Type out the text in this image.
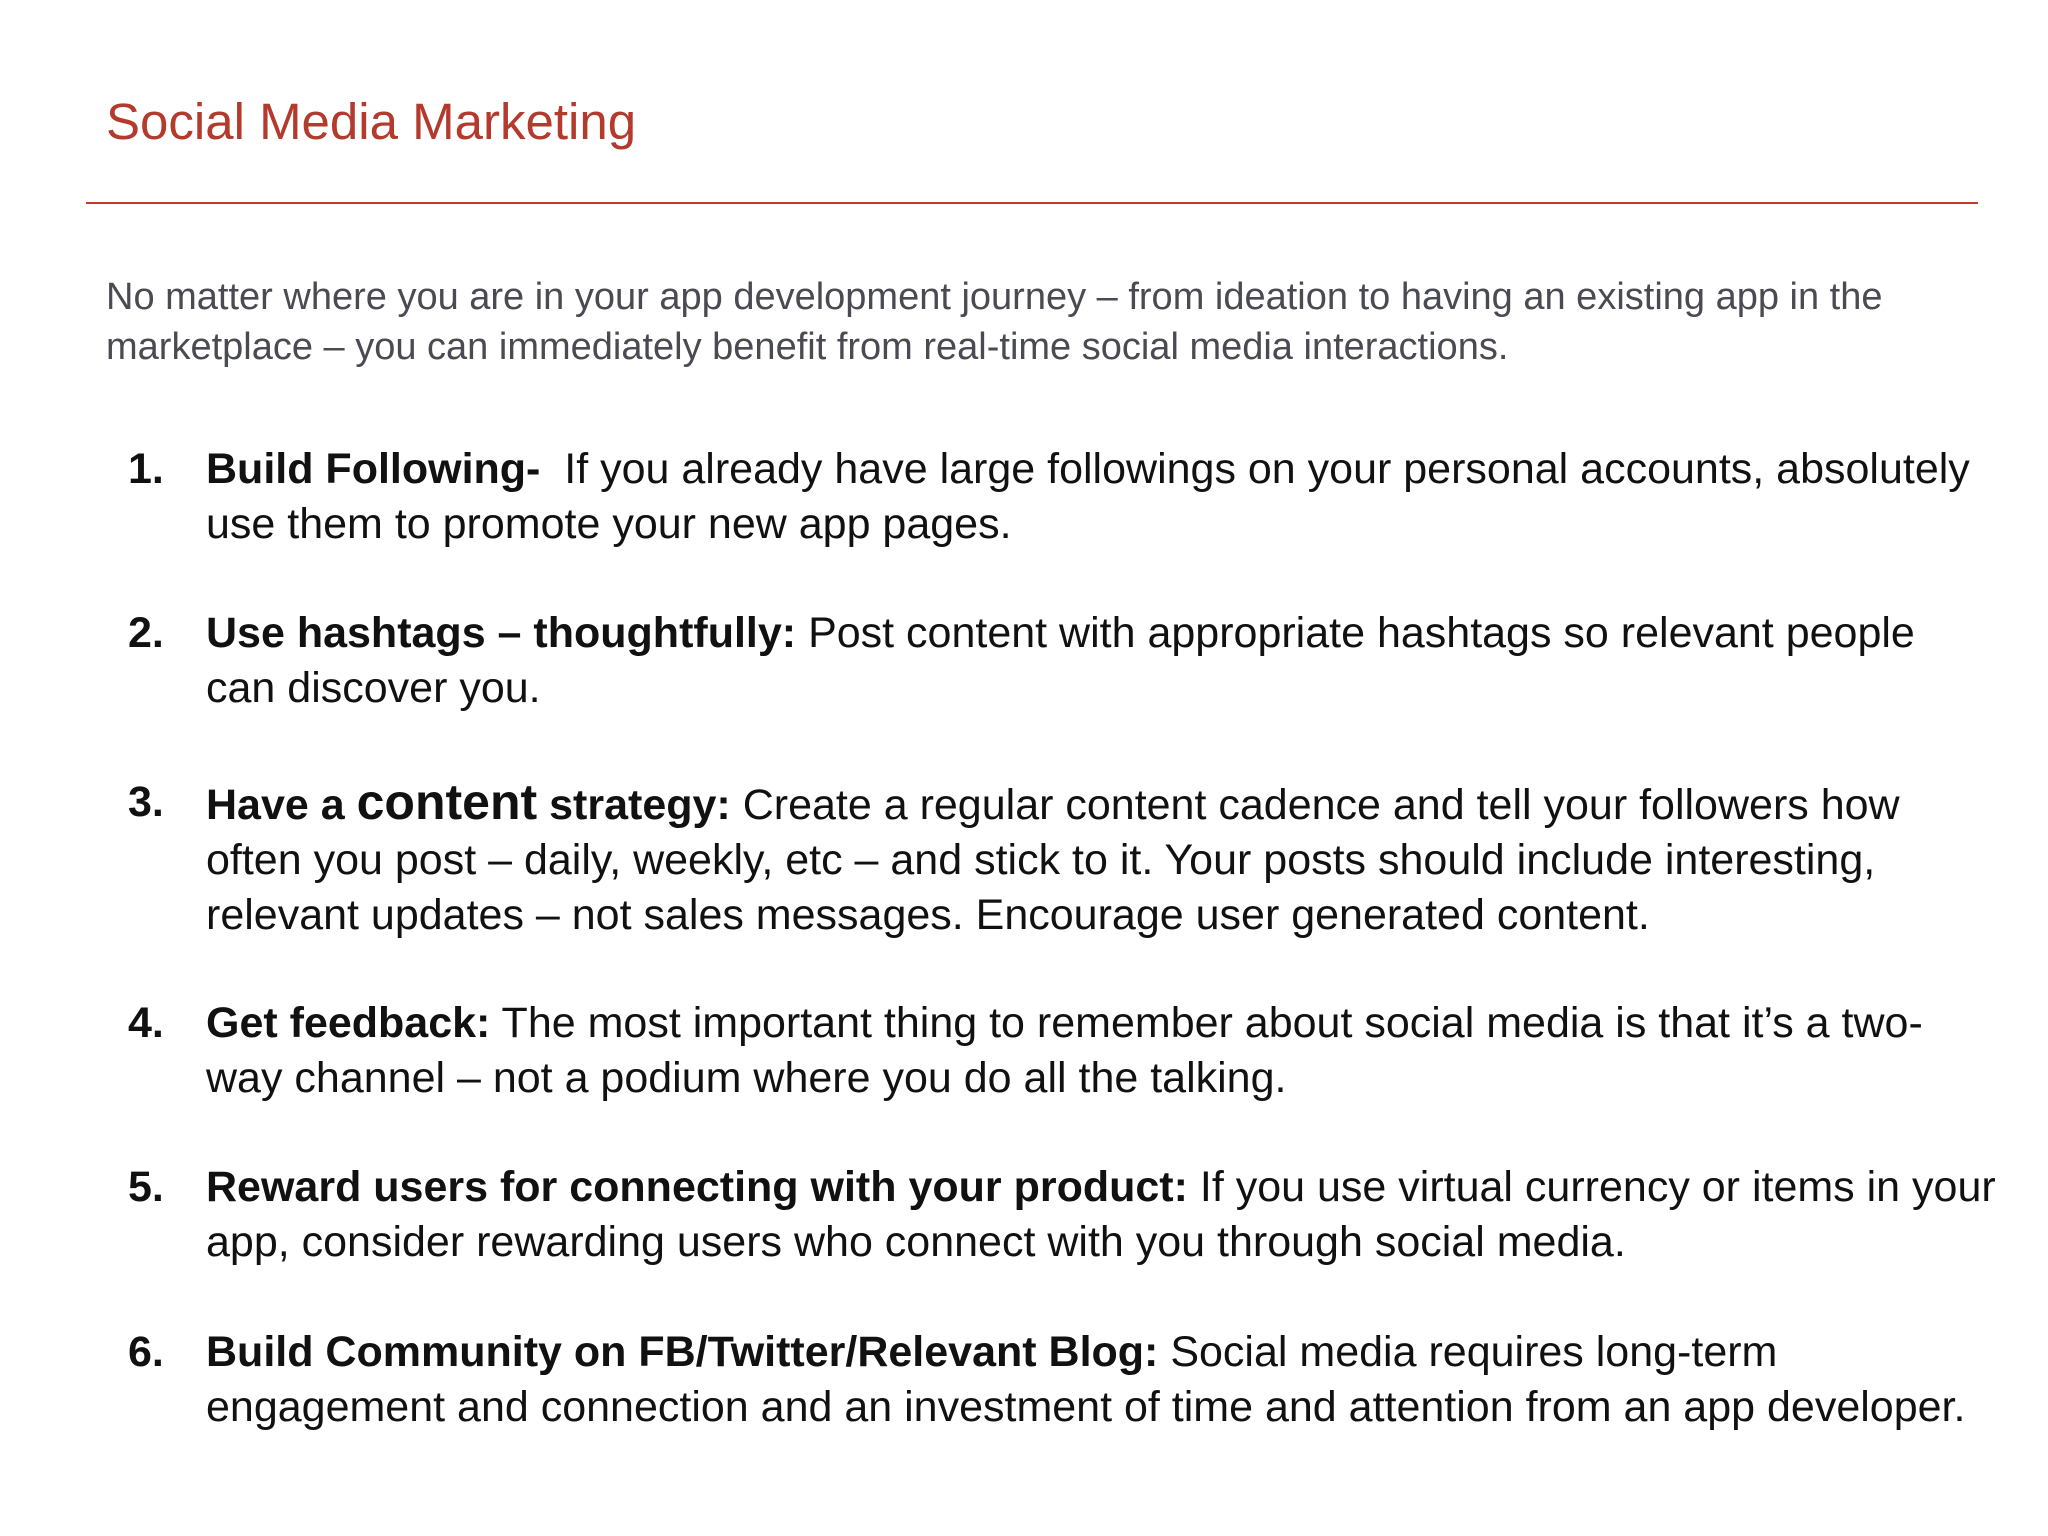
Social Media Marketing

No matter where you are in your app development journey – from ideation to having an existing app in the marketplace – you can immediately benefit from real-time social media interactions.

1. Build Following- If you already have large followings on your personal accounts, absolutely use them to promote your new app pages.

2. Use hashtags – thoughtfully: Post content with appropriate hashtags so relevant people can discover you.

3. Have a content strategy: Create a regular content cadence and tell your followers how often you post – daily, weekly, etc – and stick to it. Your posts should include interesting, relevant updates – not sales messages. Encourage user generated content.

4. Get feedback: The most important thing to remember about social media is that it’s a two-way channel – not a podium where you do all the talking.

5. Reward users for connecting with your product: If you use virtual currency or items in your app, consider rewarding users who connect with you through social media.

6. Build Community on FB/Twitter/Relevant Blog: Social media requires long-term engagement and connection and an investment of time and attention from an app developer.
